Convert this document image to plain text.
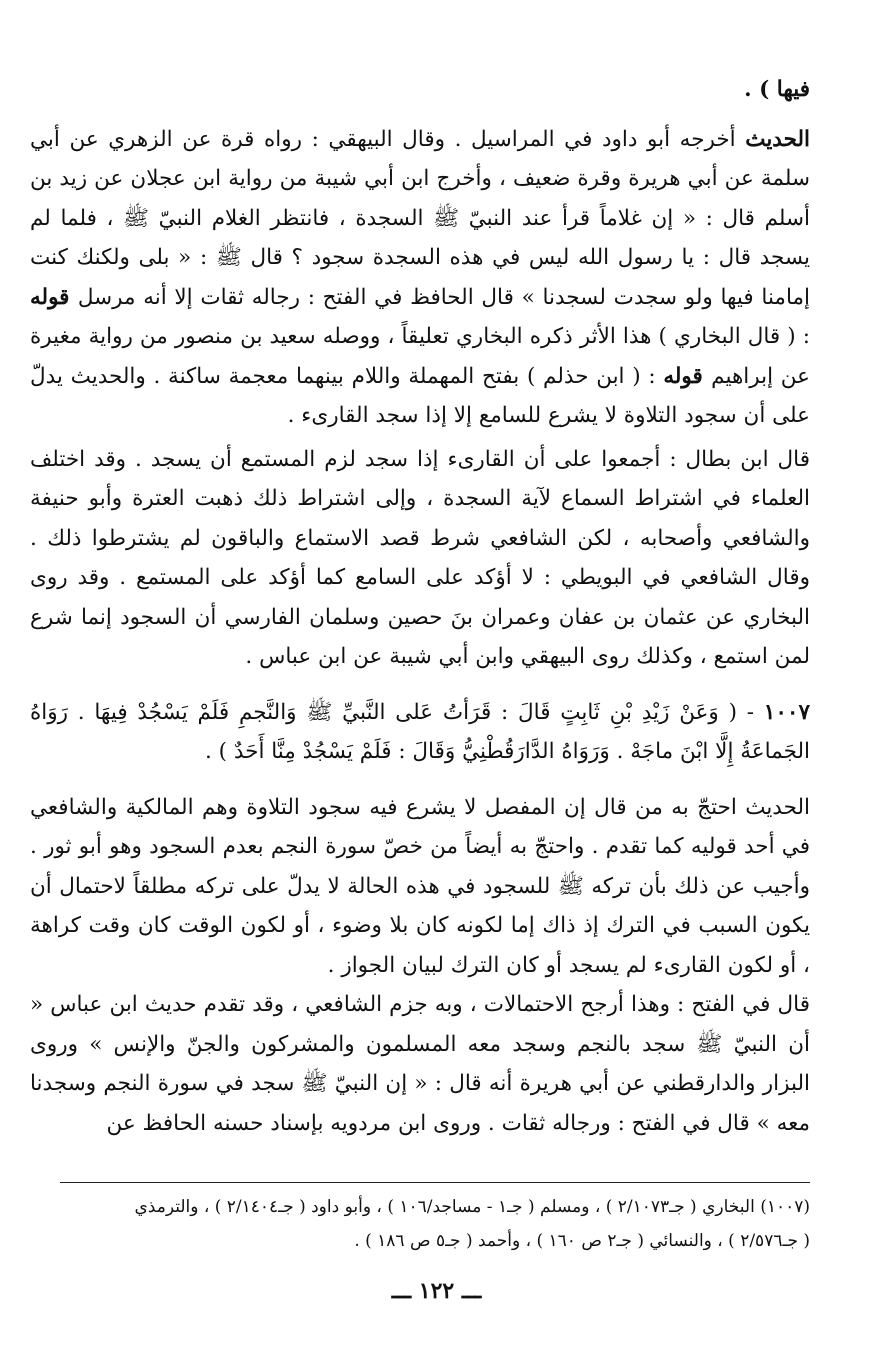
فيها ) .

الحديث أخرجه أبو داود في المراسيل . وقال البيهقي : رواه قرة عن الزهري عن أبي سلمة عن أبي هريرة وقرة ضعيف ، وأخرج ابن أبي شيبة من رواية ابن عجلان عن زيد بن أسلم قال : « إن غلاماً قرأ عند النبيّ ﷺ السجدة ، فانتظر الغلام النبيّ ﷺ ، فلما لم يسجد قال : يا رسول الله ليس في هذه السجدة سجود ؟ قال ﷺ : « بلى ولكنك كنت إمامنا فيها ولو سجدت لسجدنا » قال الحافظ في الفتح : رجاله ثقات إلا أنه مرسل قوله : ( قال البخاري ) هذا الأثر ذكره البخاري تعليقاً ، ووصله سعيد بن منصور من رواية مغيرة عن إبراهيم قوله : ( ابن حذلم ) بفتح المهملة واللام بينهما معجمة ساكنة . والحديث يدلّ على أن سجود التلاوة لا يشرع للسامع إلا إذا سجد القارىء .

قال ابن بطال : أجمعوا على أن القارىء إذا سجد لزم المستمع أن يسجد . وقد اختلف العلماء في اشتراط السماع لآية السجدة ، وإلى اشتراط ذلك ذهبت العترة وأبو حنيفة والشافعي وأصحابه ، لكن الشافعي شرط قصد الاستماع والباقون لم يشترطوا ذلك . وقال الشافعي في البويطي : لا أؤكد على السامع كما أؤكد على المستمع . وقد روى البخاري عن عثمان بن عفان وعمران بنَ حصين وسلمان الفارسي أن السجود إنما شرع لمن استمع ، وكذلك روى البيهقي وابن أبي شيبة عن ابن عباس .

١٠٠٧ - ( وَعَنْ زَيْدِ بْنِ ثَابِتٍ قَالَ : قَرَأتُ عَلى النَّبيِّ ﷺ وَالنَّجمِ فَلَمْ يَسْجُدْ فِيهَا . رَوَاهُ الجَماعَةُ إِلَّا ابْنَ ماجَهْ . وَرَوَاهُ الدَّارَقُطْنِيُّ وَقَالَ : فَلَمْ يَسْجُدْ مِنَّا أَحَدٌ ) .

الحديث احتجّ به من قال إن المفصل لا يشرع فيه سجود التلاوة وهم المالكية والشافعي في أحد قوليه كما تقدم . واحتجّ به أيضاً من خصّ سورة النجم بعدم السجود وهو أبو ثور . وأجيب عن ذلك بأن تركه ﷺ للسجود في هذه الحالة لا يدلّ على تركه مطلقاً لاحتمال أن يكون السبب في الترك إذ ذاك إما لكونه كان بلا وضوء ، أو لكون الوقت كان وقت كراهة ، أو لكون القارىء لم يسجد أو كان الترك لبيان الجواز .

قال في الفتح : وهذا أرجح الاحتمالات ، وبه جزم الشافعي ، وقد تقدم حديث ابن عباس « أن النبيّ ﷺ سجد بالنجم وسجد معه المسلمون والمشركون والجنّ والإنس » وروى البزار والدارقطني عن أبي هريرة أنه قال : « إن النبيّ ﷺ سجد في سورة النجم وسجدنا معه » قال في الفتح : ورجاله ثقات . وروى ابن مردويه بإسناد حسنه الحافظ عن

(١٠٠٧) البخاري ( جـ٢/١٠٧٣ ) ، ومسلم ( جـ١ - مساجد/١٠٦ ) ، وأبو داود ( جـ٢/١٤٠٤ ) ، والترمذي
( جـ٢/٥٧٦ ) ، والنسائي ( جـ٢ ص ١٦٠ ) ، وأحمد ( جـ٥ ص ١٨٦ ) .
ـــ ١٢٢ ـــ
